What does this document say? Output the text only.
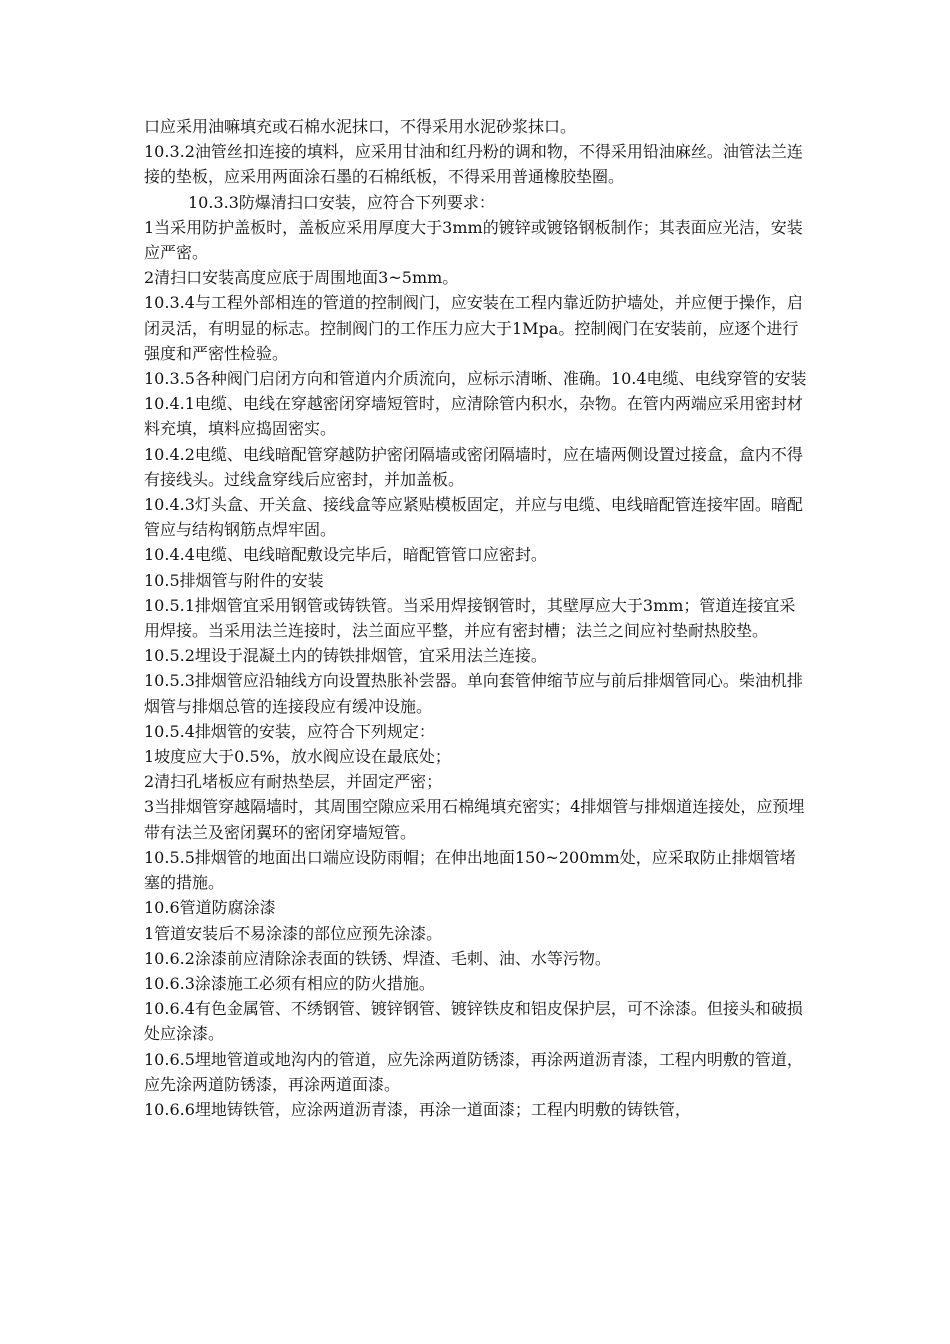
口应采用油嘛填充或石棉水泥抹口，不得采用水泥砂浆抹口。

10.3.2油管丝扣连接的填料，应采用甘油和红丹粉的调和物，不得采用铅油麻丝。油管法兰连接的垫板，应采用两面涂石墨的石棉纸板，不得采用普通橡胶垫圈。

10.3.3防爆清扫口安装，应符合下列要求：

1当采用防护盖板时，盖板应采用厚度大于3mm的镀锌或镀铬钢板制作；其表面应光洁，安装应严密。

2清扫口安装高度应底于周围地面3~5mm。

10.3.4与工程外部相连的管道的控制阀门，应安装在工程内靠近防护墙处，并应便于操作，启闭灵活，有明显的标志。控制阀门的工作压力应大于1Mpa。控制阀门在安装前，应逐个进行强度和严密性检验。

10.3.5各种阀门启闭方向和管道内介质流向，应标示清晰、准确。10.4电缆、电线穿管的安装

10.4.1电缆、电线在穿越密闭穿墙短管时，应清除管内积水，杂物。在管内两端应采用密封材料充填，填料应捣固密实。

10.4.2电缆、电线暗配管穿越防护密闭隔墙或密闭隔墙时，应在墙两侧设置过接盒，盒内不得有接线头。过线盒穿线后应密封，并加盖板。

10.4.3灯头盒、开关盒、接线盒等应紧贴模板固定，并应与电缆、电线暗配管连接牢固。暗配管应与结构钢筋点焊牢固。

10.4.4电缆、电线暗配敷设完毕后，暗配管管口应密封。

10.5排烟管与附件的安装

10.5.1排烟管宜采用钢管或铸铁管。当采用焊接钢管时，其壁厚应大于3mm；管道连接宜采用焊接。当采用法兰连接时，法兰面应平整，并应有密封槽；法兰之间应衬垫耐热胶垫。

10.5.2埋设于混凝土内的铸铁排烟管，宜采用法兰连接。

10.5.3排烟管应沿轴线方向设置热胀补尝器。单向套管伸缩节应与前后排烟管同心。柴油机排烟管与排烟总管的连接段应有缓冲设施。

10.5.4排烟管的安装，应符合下列规定：

1坡度应大于0.5%，放水阀应设在最底处；

2清扫孔堵板应有耐热垫层，并固定严密；

3当排烟管穿越隔墙时，其周围空隙应采用石棉绳填充密实；4排烟管与排烟道连接处，应预埋带有法兰及密闭翼环的密闭穿墙短管。

10.5.5排烟管的地面出口端应设防雨帽；在伸出地面150~200mm处，应采取防止排烟管堵塞的措施。

10.6管道防腐涂漆

1管道安装后不易涂漆的部位应预先涂漆。

10.6.2涂漆前应清除涂表面的铁锈、焊渣、毛刺、油、水等污物。

10.6.3涂漆施工必须有相应的防火措施。

10.6.4有色金属管、不绣钢管、镀锌钢管、镀锌铁皮和铝皮保护层，可不涂漆。但接头和破损处应涂漆。

10.6.5埋地管道或地沟内的管道，应先涂两道防锈漆，再涂两道沥青漆，工程内明敷的管道，应先涂两道防锈漆，再涂两道面漆。

10.6.6埋地铸铁管，应涂两道沥青漆，再涂一道面漆；工程内明敷的铸铁管，
